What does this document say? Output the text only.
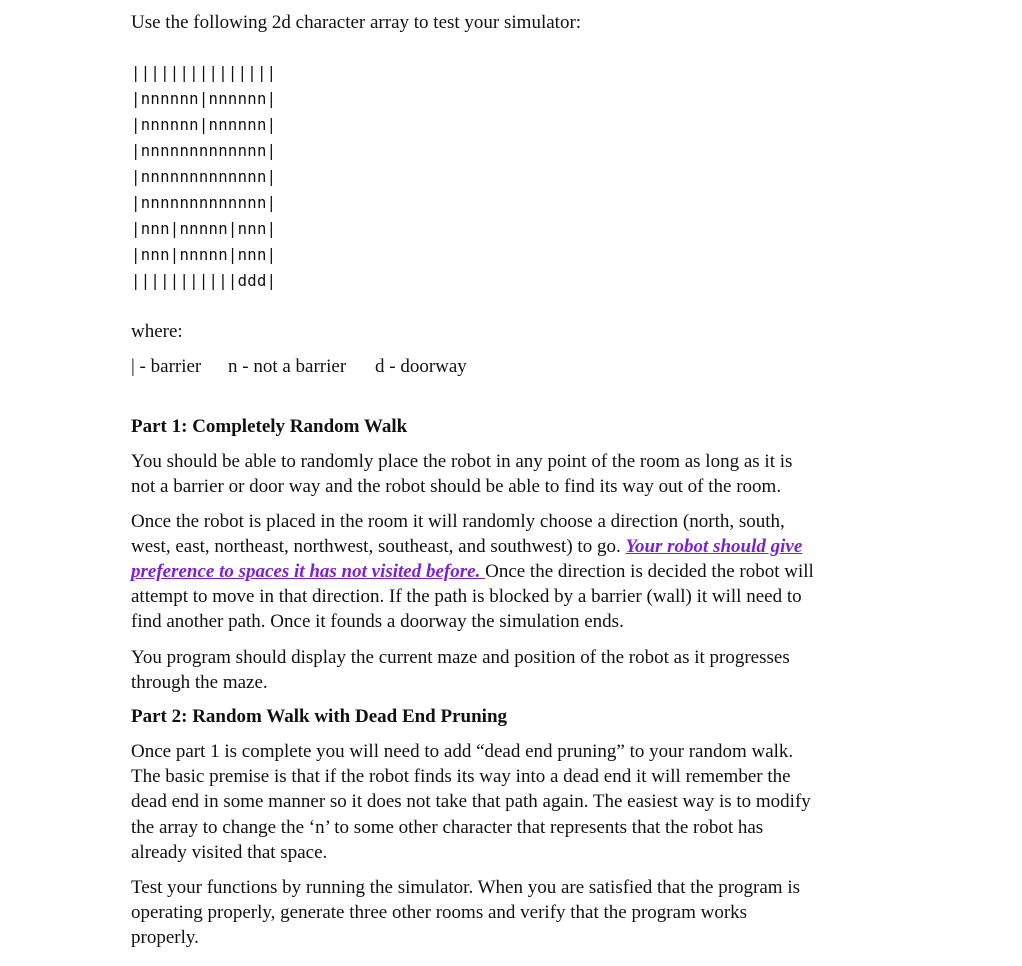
Use the following 2d character array to test your simulator:
|||||||||||||||
|nnnnnn|nnnnnn|
|nnnnnn|nnnnnn|
|nnnnnnnnnnnnn|
|nnnnnnnnnnnnn|
|nnnnnnnnnnnnn|
|nnn|nnnnn|nnn|
|nnn|nnnnn|nnn|
|||||||||||ddd|
where:
| - barrier n - not a barrier d - doorway
Part 1: Completely Random Walk
You should be able to randomly place the robot in any point of the room as long as it is
not a barrier or door way and the robot should be able to find its way out of the room.
Once the robot is placed in the room it will randomly choose a direction (north, south,
west, east, northeast, northwest, southeast, and southwest) to go. Your robot should give
preference to spaces it has not visited before. Once the direction is decided the robot will
attempt to move in that direction. If the path is blocked by a barrier (wall) it will need to
find another path. Once it founds a doorway the simulation ends.
You program should display the current maze and position of the robot as it progresses
through the maze.
Part 2: Random Walk with Dead End Pruning
Once part 1 is complete you will need to add “dead end pruning” to your random walk.
The basic premise is that if the robot finds its way into a dead end it will remember the
dead end in some manner so it does not take that path again. The easiest way is to modify
the array to change the ‘n’ to some other character that represents that the robot has
already visited that space.
Test your functions by running the simulator. When you are satisfied that the program is
operating properly, generate three other rooms and verify that the program works
properly.
